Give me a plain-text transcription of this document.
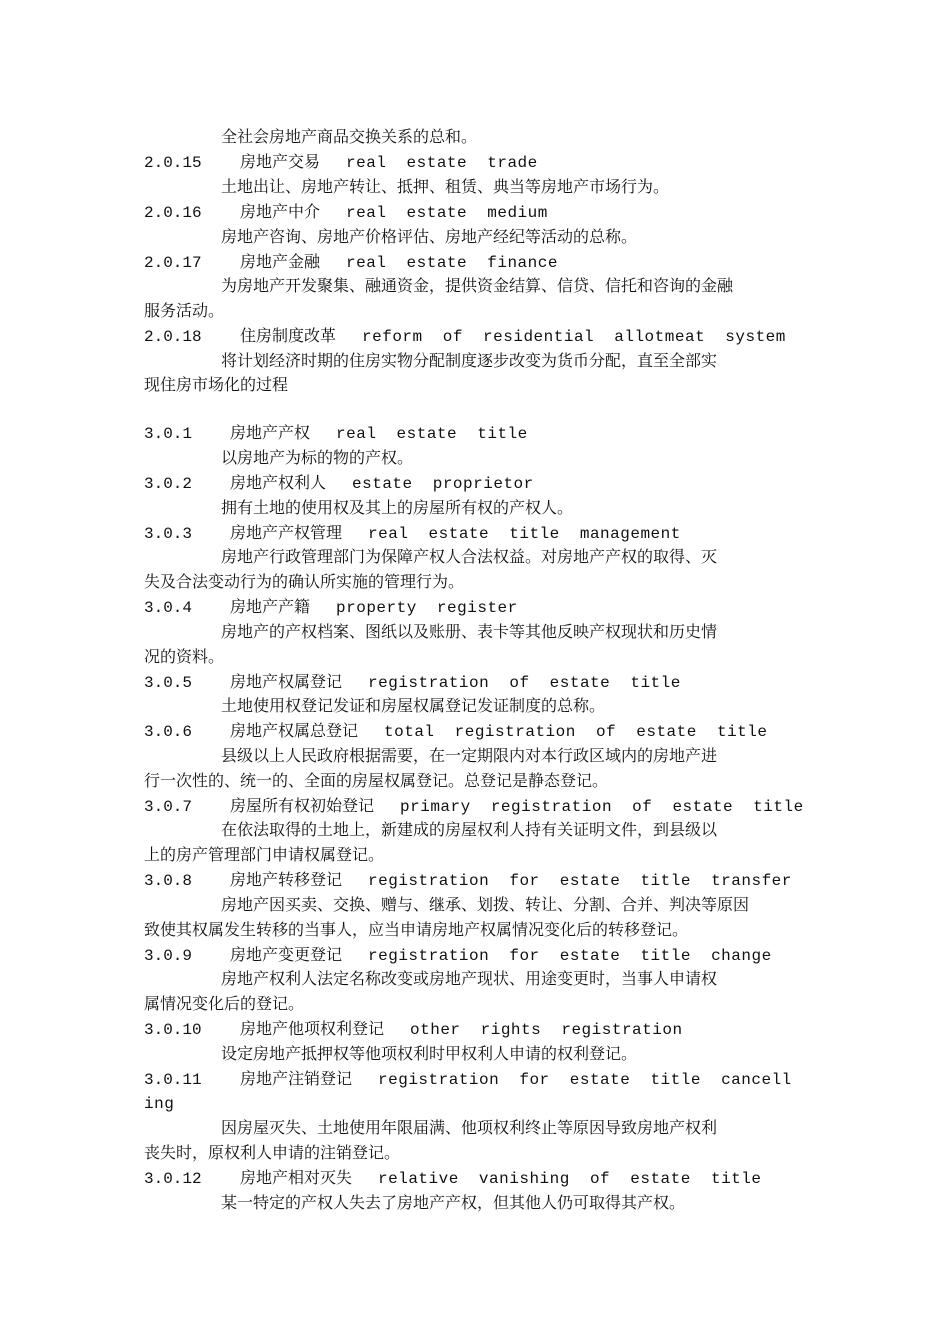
全社会房地产商品交换关系的总和。
2.0.15 房地产交易 real estate trade
土地出让、房地产转让、抵押、租赁、典当等房地产市场行为。
2.0.16 房地产中介 real estate medium
房地产咨询、房地产价格评估、房地产经纪等活动的总称。
2.0.17 房地产金融 real estate finance
为房地产开发聚集、融通资金，提供资金结算、信贷、信托和咨询的金融
服务活动。
2.0.18 住房制度改革 reform of residential allotmeat system
将计划经济时期的住房实物分配制度逐步改变为货币分配，直至全部实
现住房市场化的过程
3.0.1 房地产产权 real estate title
以房地产为标的物的产权。
3.0.2 房地产权利人 estate proprietor
拥有土地的使用权及其上的房屋所有权的产权人。
3.0.3 房地产产权管理 real estate title management
房地产行政管理部门为保障产权人合法权益。对房地产产权的取得、灭
失及合法变动行为的确认所实施的管理行为。
3.0.4 房地产产籍 property register
房地产的产权档案、图纸以及账册、表卡等其他反映产权现状和历史情
况的资料。
3.0.5 房地产权属登记 registration of estate title
土地使用权登记发证和房屋权属登记发证制度的总称。
3.0.6 房地产权属总登记 total registration of estate title
县级以上人民政府根据需要，在一定期限内对本行政区域内的房地产进
行一次性的、统一的、全面的房屋权属登记。总登记是静态登记。
3.0.7 房屋所有权初始登记 primary registration of estate title
在依法取得的土地上，新建成的房屋权利人持有关证明文件，到县级以
上的房产管理部门申请权属登记。
3.0.8 房地产转移登记 registration for estate title transfer
房地产因买卖、交换、赠与、继承、划拨、转让、分割、合并、判决等原因
致使其权属发生转移的当事人，应当申请房地产权属情况变化后的转移登记。
3.0.9 房地产变更登记 registration for estate title change
房地产权利人法定名称改变或房地产现状、用途变更时，当事人申请权
属情况变化后的登记。
3.0.10 房地产他项权利登记 other rights registration
设定房地产抵押权等他项权利时甲权利人申请的权利登记。
3.0.11 房地产注销登记 registration for estate title cancell
ing
因房屋灭失、土地使用年限届满、他项权利终止等原因导致房地产权利
丧失时，原权利人申请的注销登记。
3.0.12 房地产相对灭失 relative vanishing of estate title
某一特定的产权人失去了房地产产权，但其他人仍可取得其产权。
